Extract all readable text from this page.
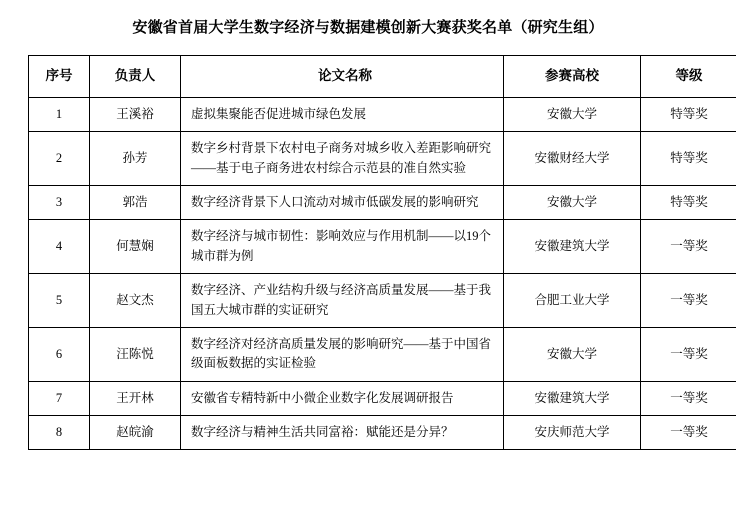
安徽省首届大学生数字经济与数据建模创新大赛获奖名单（研究生组）
序号	负责人	论文名称	参赛高校	等级
1	王溪裕	虚拟集聚能否促进城市绿色发展	安徽大学	特等奖
2	孙芳	数字乡村背景下农村电子商务对城乡收入差距影响研究——基于电子商务进农村综合示范县的准自然实验	安徽财经大学	特等奖
3	郭浩	数字经济背景下人口流动对城市低碳发展的影响研究	安徽大学	特等奖
4	何慧娴	数字经济与城市韧性：影响效应与作用机制——以19个城市群为例	安徽建筑大学	一等奖
5	赵文杰	数字经济、产业结构升级与经济高质量发展——基于我国五大城市群的实证研究	合肥工业大学	一等奖
6	汪陈悦	数字经济对经济高质量发展的影响研究——基于中国省级面板数据的实证检验	安徽大学	一等奖
7	王开林	安徽省专精特新中小微企业数字化发展调研报告	安徽建筑大学	一等奖
8	赵皖渝	数字经济与精神生活共同富裕：赋能还是分异？	安庆师范大学	一等奖
